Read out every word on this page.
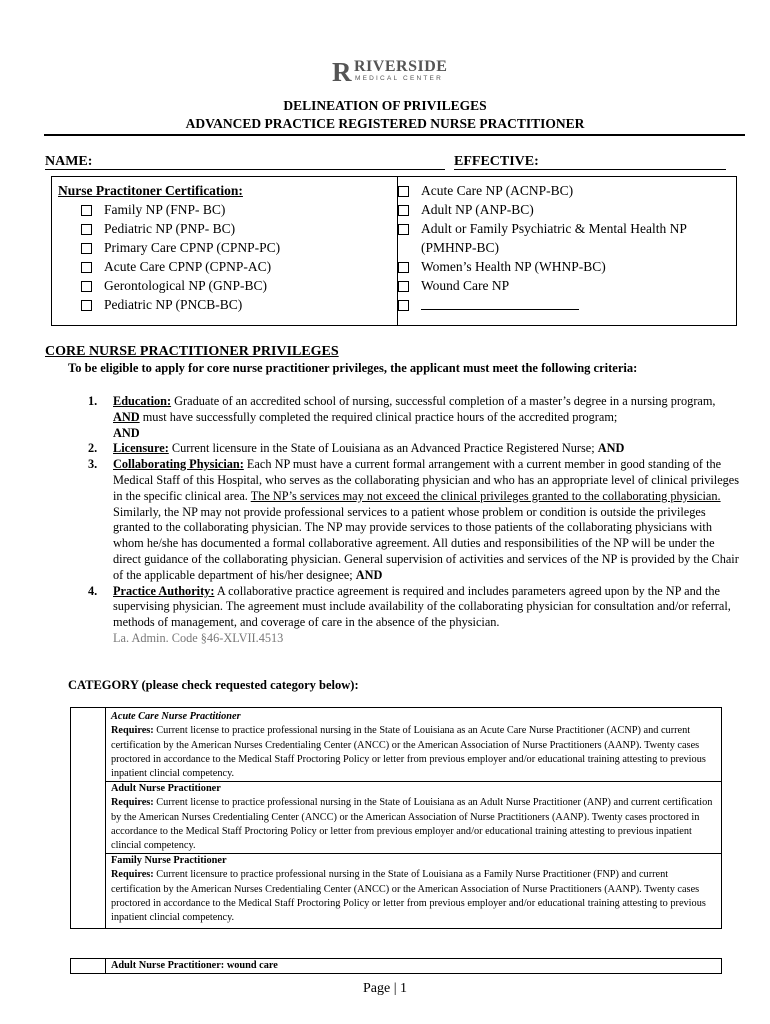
R RIVERSIDE
MEDICAL CENTER
DELINEATION OF PRIVILEGES
ADVANCED PRACTICE REGISTERED NURSE PRACTITIONER
NAME:	EFFECTIVE:
Nurse Practitoner Certification:
Family NP (FNP- BC)
Pediatric NP (PNP- BC)
Primary Care CPNP (CPNP-PC)
Acute Care CPNP (CPNP-AC)
Gerontological NP (GNP-BC)
Pediatric NP (PNCB-BC)
Acute Care NP (ACNP-BC)
Adult NP (ANP-BC)
Adult or Family Psychiatric & Mental Health NP (PMHNP-BC)
Women’s Health NP (WHNP-BC)
Wound Care NP
CORE NURSE PRACTITIONER PRIVILEGES
To be eligible to apply for core nurse practitioner privileges, the applicant must meet the following criteria:
1. Education: Graduate of an accredited school of nursing, successful completion of a master’s degree in a nursing program, AND must have successfully completed the required clinical practice hours of the accredited program;
AND
2. Licensure: Current licensure in the State of Louisiana as an Advanced Practice Registered Nurse; AND
3. Collaborating Physician: Each NP must have a current formal arrangement with a current member in good standing of the Medical Staff of this Hospital, who serves as the collaborating physician and who has an appropriate level of clinical privileges in the specific clinical area. The NP’s services may not exceed the clinical privileges granted to the collaborating physician. Similarly, the NP may not provide professional services to a patient whose problem or condition is outside the privileges granted to the collaborating physician. The NP may provide services to those patients of the collaborating physicians with whom he/she has documented a formal collaborative agreement. All duties and responsibilities of the NP will be under the direct guidance of the collaborating physician. General supervision of activities and services of the NP is provided by the Chair of the applicable department of his/her designee; AND
4. Practice Authority: A collaborative practice agreement is required and includes parameters agreed upon by the NP and the supervising physician. The agreement must include availability of the collaborating physician for consultation and/or referral, methods of management, and coverage of care in the absence of the physician.
La. Admin. Code §46-XLVII.4513
CATEGORY (please check requested category below):
Acute Care Nurse Practitioner
Requires: Current license to practice professional nursing in the State of Louisiana as an Acute Care Nurse Practitioner (ACNP) and current certification by the American Nurses Credentialing Center (ANCC) or the American Association of Nurse Practitioners (AANP). Twenty cases proctored in accordance to the Medical Staff Proctoring Policy or letter from previous employer and/or educational training attesting to previous inpatient clincial competency.
Adult Nurse Practitioner
Requires: Current license to practice professional nursing in the State of Louisiana as an Adult Nurse Practitioner (ANP) and current certification by the American Nurses Credentialing Center (ANCC) or the American Association of Nurse Practitioners (AANP). Twenty cases proctored in accordance to the Medical Staff Proctoring Policy or letter from previous employer and/or educational training attesting to previous inpatient clincial competency.
Family Nurse Practitioner
Requires: Current licensure to practice professional nursing in the State of Louisiana as a Family Nurse Practitioner (FNP) and current certification by the American Nurses Credentialing Center (ANCC) or the American Association of Nurse Practitioners (AANP). Twenty cases proctored in accordance to the Medical Staff Proctoring Policy or letter from previous employer and/or educational training attesting to previous inpatient clincial competency.
Adult Nurse Practitioner: wound care
Page | 1
